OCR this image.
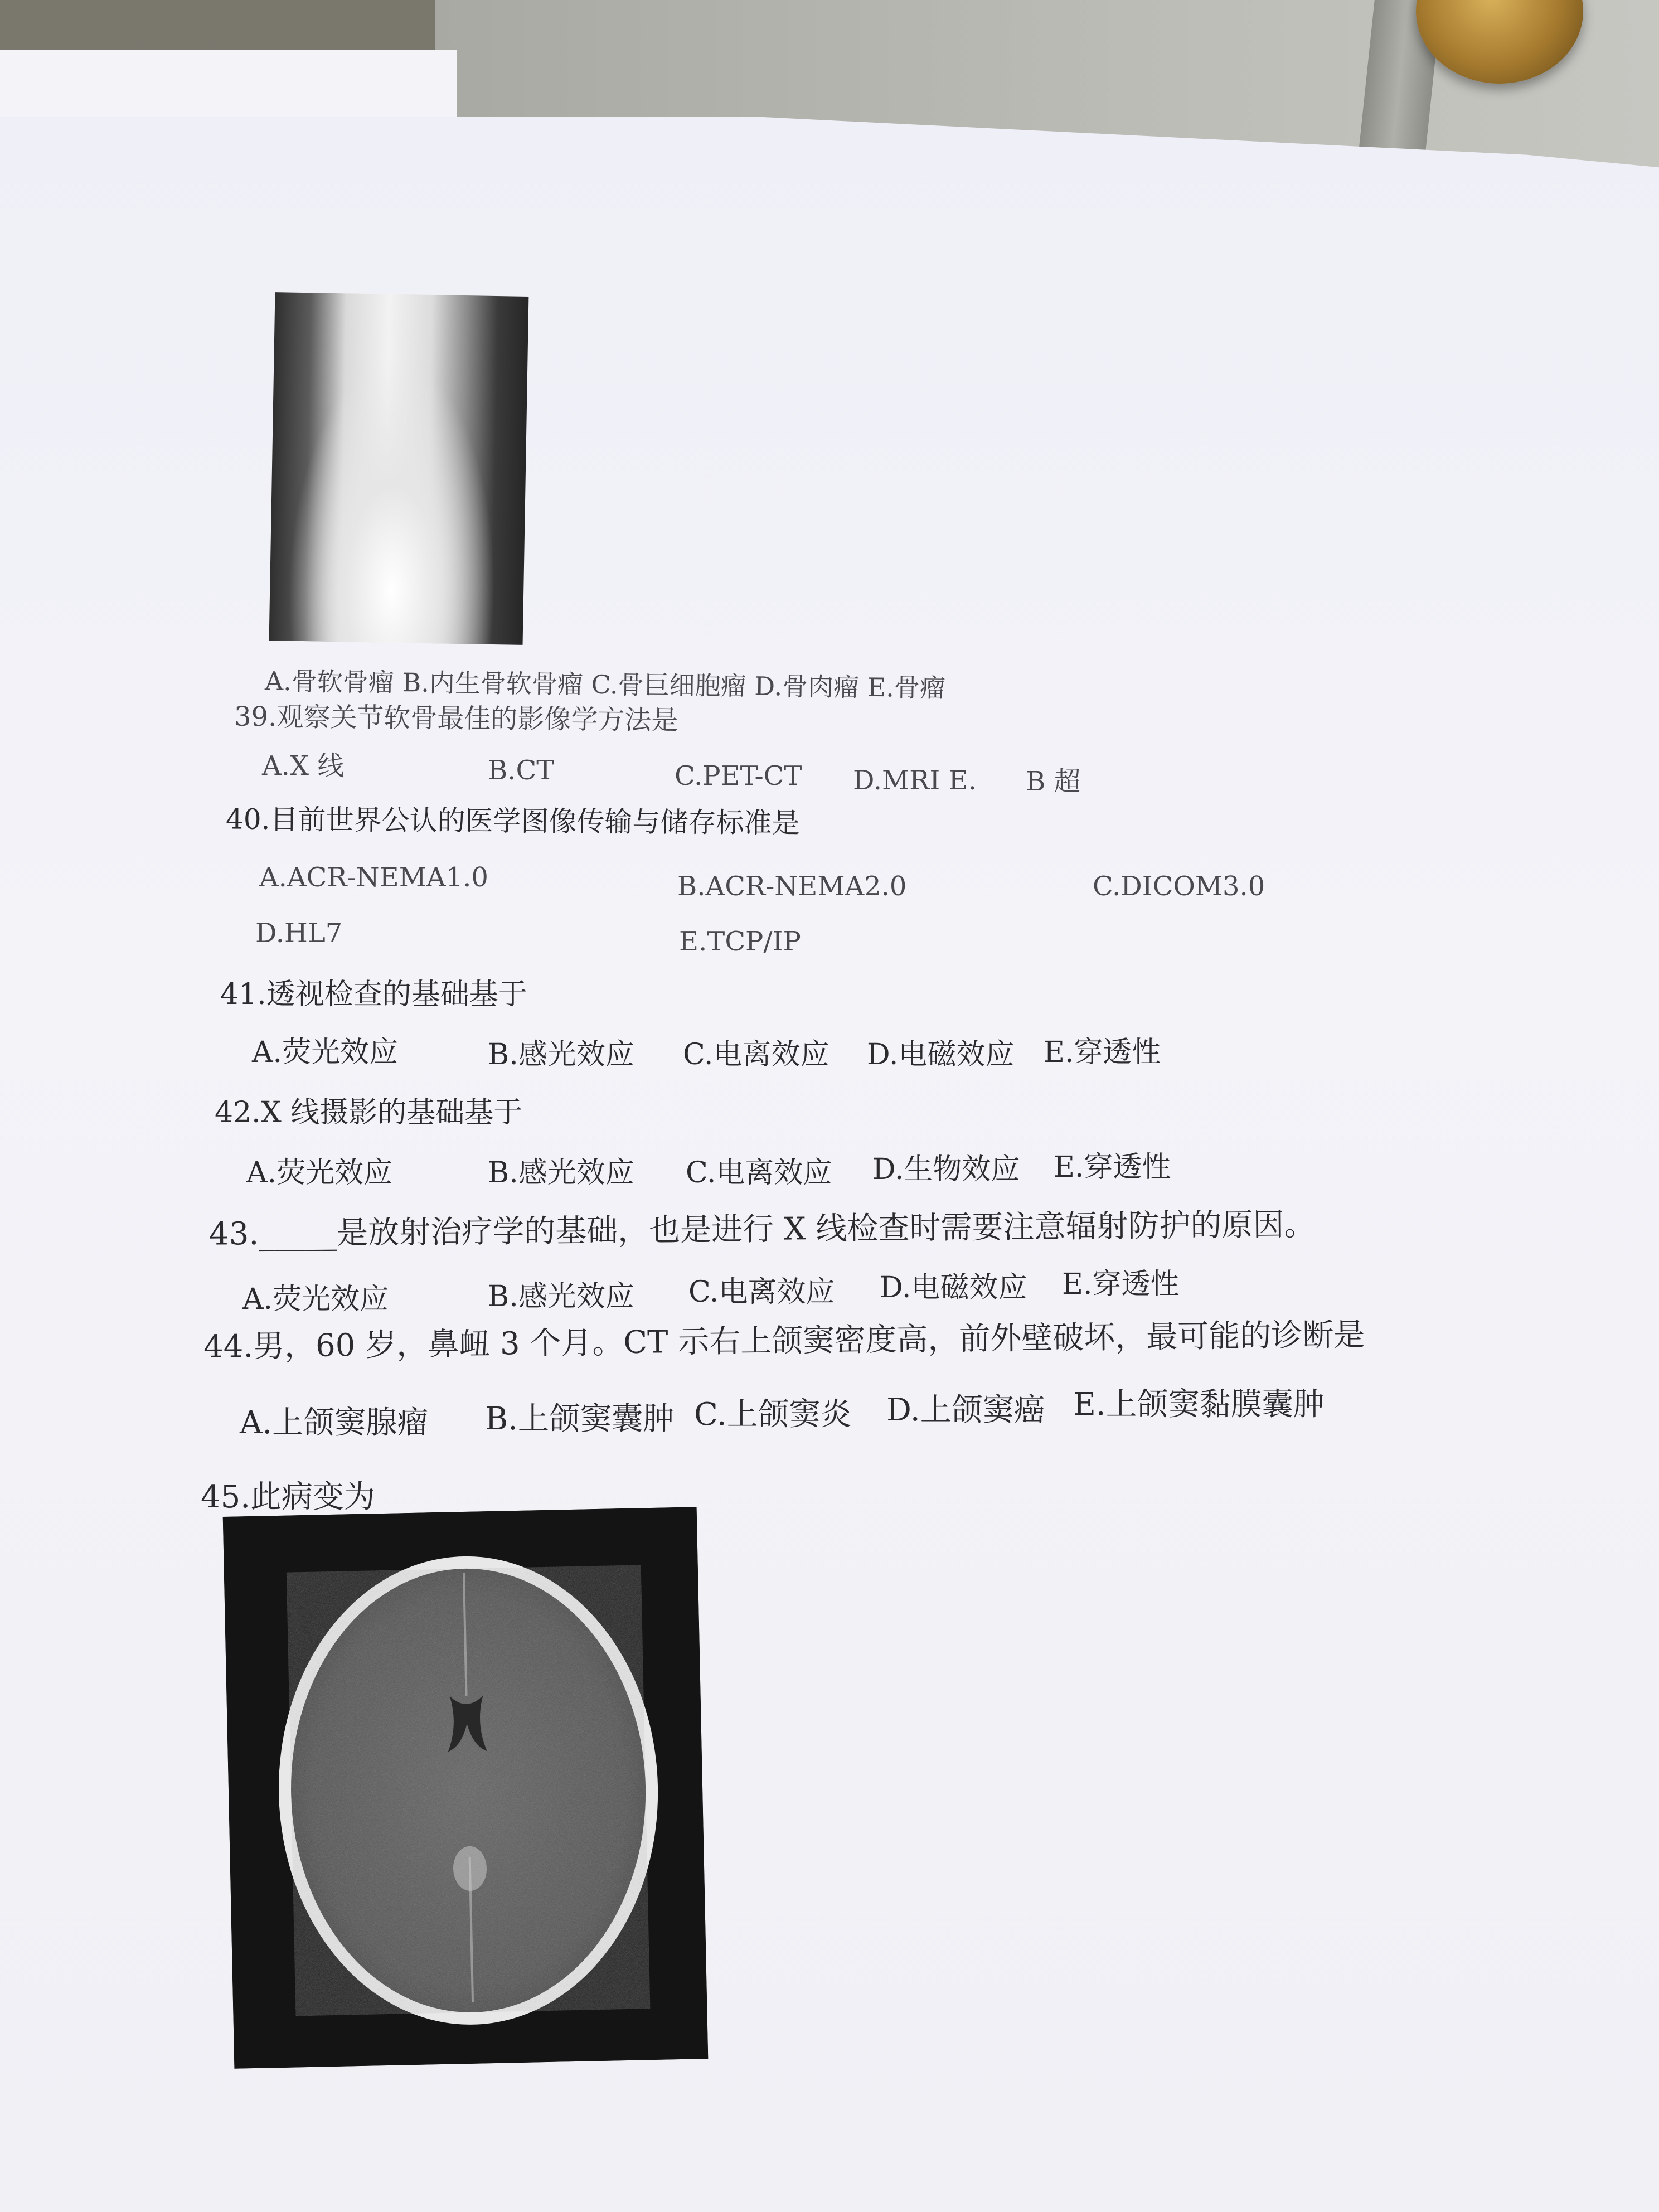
A.骨软骨瘤 B.内生骨软骨瘤 C.骨巨细胞瘤 D.骨肉瘤 E.骨瘤
39.观察关节软骨最佳的影像学方法是
A.X 线	B.CT	C.PET-CT D.MRI E. B 超
40.目前世界公认的医学图像传输与储存标准是
A.ACR-NEMA1.0	B.ACR-NEMA2.0	C.DICOM3.0
D.HL7	E.TCP/IP
41.透视检查的基础基于
A.荧光效应	B.感光效应 C.电离效应 D.电磁效应 E.穿透性
42.X 线摄影的基础基于
A.荧光效应	B.感光效应 C.电离效应 D.生物效应 E.穿透性
43._____是放射治疗学的基础，也是进行 X 线检查时需要注意辐射防护的原因。
A.荧光效应	B.感光效应 C.电离效应 D.电磁效应 E.穿透性
44.男，60 岁，鼻衄 3 个月。CT 示右上颌窦密度高，前外壁破坏，最可能的诊断是
A.上颌窦腺瘤 B.上颌窦囊肿 C.上颌窦炎 D.上颌窦癌 E.上颌窦黏膜囊肿
45.此病变为
